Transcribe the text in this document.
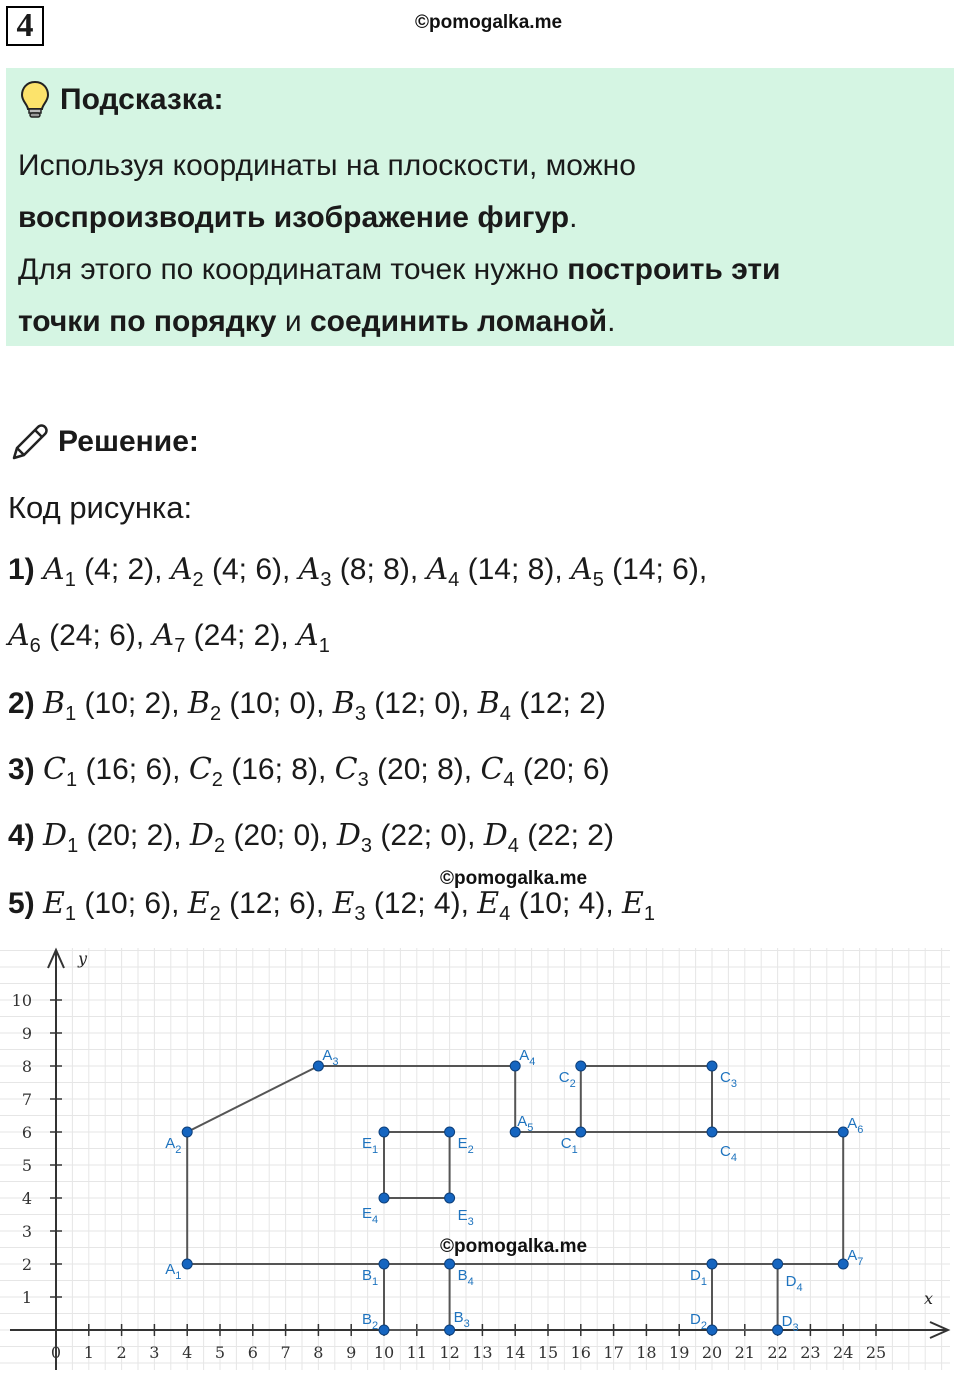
4	©pomogalka.me
Подсказка:
Используя координаты на плоскости, можно
воспроизводить изображение фигур.
Для этого по координатам точек нужно построить эти
точки по порядку и соединить ломаной.
Решение:
Код рисунка:
1) $A_1$ (4; 2), $A_2$ (4; 6), $A_3$ (8; 8), $A_4$ (14; 8), $A_5$ (14; 6),
$A_6$ (24; 6), $A_7$ (24; 2), $A_1$
2) $B_1$ (10; 2), $B_2$ (10; 0), $B_3$ (12; 0), $B_4$ (12; 2)
3) $C_1$ (16; 6), $C_2$ (16; 8), $C_3$ (20; 8), $C_4$ (20; 6)
4) $D_1$ (20; 2), $D_2$ (20; 0), $D_3$ (22; 0), $D_4$ (22; 2)
5) $E_1$ (10; 6), $E_2$ (12; 6), $E_3$ (12; 4), $E_4$ (10; 4), $E_1$
©pomogalka.me
x
y
0 1 2 3 4 5 6 7 8 9 10 11 12 13 14 15 16 17 18 19 20 21 22 23 24 25
1
2
3
4
5
6
7
8
9
10
$A_1$
$A_2$
$A_3$	$A_4$
$A_5$	$A_6$
$A_7$
$B_1$
$B_2$	$B_3$
$B_4$
$C_1$
$C_2$	$C_3$
$C_4$
$D_1$
$D_2$	$D_3$
$D_4$
$E_1$	$E_2$
$E_3$
$E_4$
©pomogalka.me
